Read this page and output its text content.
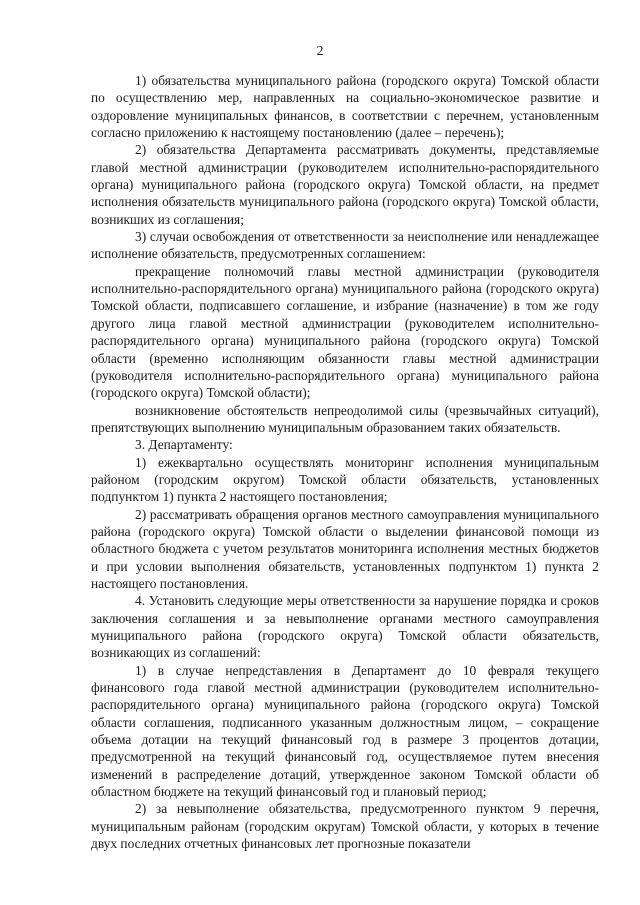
2

1) обязательства муниципального района (городского округа) Томской области по осуществлению мер, направленных на социально-экономическое развитие и оздоровление муниципальных финансов, в соответствии с перечнем, установленным согласно приложению к настоящему постановлению (далее – перечень);

2) обязательства Департамента рассматривать документы, представляемые главой местной администрации (руководителем исполнительно-распорядительного органа) муниципального района (городского округа) Томской области, на предмет исполнения обязательств муниципального района (городского округа) Томской области, возникших из соглашения;

3) случаи освобождения от ответственности за неисполнение или ненадлежащее исполнение обязательств, предусмотренных соглашением:

прекращение полномочий главы местной администрации (руководителя исполнительно-распорядительного органа) муниципального района (городского округа) Томской области, подписавшего соглашение, и избрание (назначение) в том же году другого лица главой местной администрации (руководителем исполнительно-распорядительного органа) муниципального района (городского округа) Томской области (временно исполняющим обязанности главы местной администрации (руководителя исполнительно-распорядительного органа) муниципального района (городского округа) Томской области);

возникновение обстоятельств непреодолимой силы (чрезвычайных ситуаций), препятствующих выполнению муниципальным образованием таких обязательств.

3. Департаменту:

1) ежеквартально осуществлять мониторинг исполнения муниципальным районом (городским округом) Томской области обязательств, установленных подпунктом 1) пункта 2 настоящего постановления;

2) рассматривать обращения органов местного самоуправления муниципального района (городского округа) Томской области о выделении финансовой помощи из областного бюджета с учетом результатов мониторинга исполнения местных бюджетов и при условии выполнения обязательств, установленных подпунктом 1) пункта 2 настоящего постановления.

4. Установить следующие меры ответственности за нарушение порядка и сроков заключения соглашения и за невыполнение органами местного самоуправления муниципального района (городского округа) Томской области обязательств, возникающих из соглашений:

1) в случае непредставления в Департамент до 10 февраля текущего финансового года главой местной администрации (руководителем исполнительно-распорядительного органа) муниципального района (городского округа) Томской области соглашения, подписанного указанным должностным лицом, – сокращение объема дотации на текущий финансовый год в размере 3 процентов дотации, предусмотренной на текущий финансовый год, осуществляемое путем внесения изменений в распределение дотаций, утвержденное законом Томской области об областном бюджете на текущий финансовый год и плановый период;

2) за невыполнение обязательства, предусмотренного пунктом 9 перечня, муниципальным районам (городским округам) Томской области, у которых в течение двух последних отчетных финансовых лет прогнозные показатели
